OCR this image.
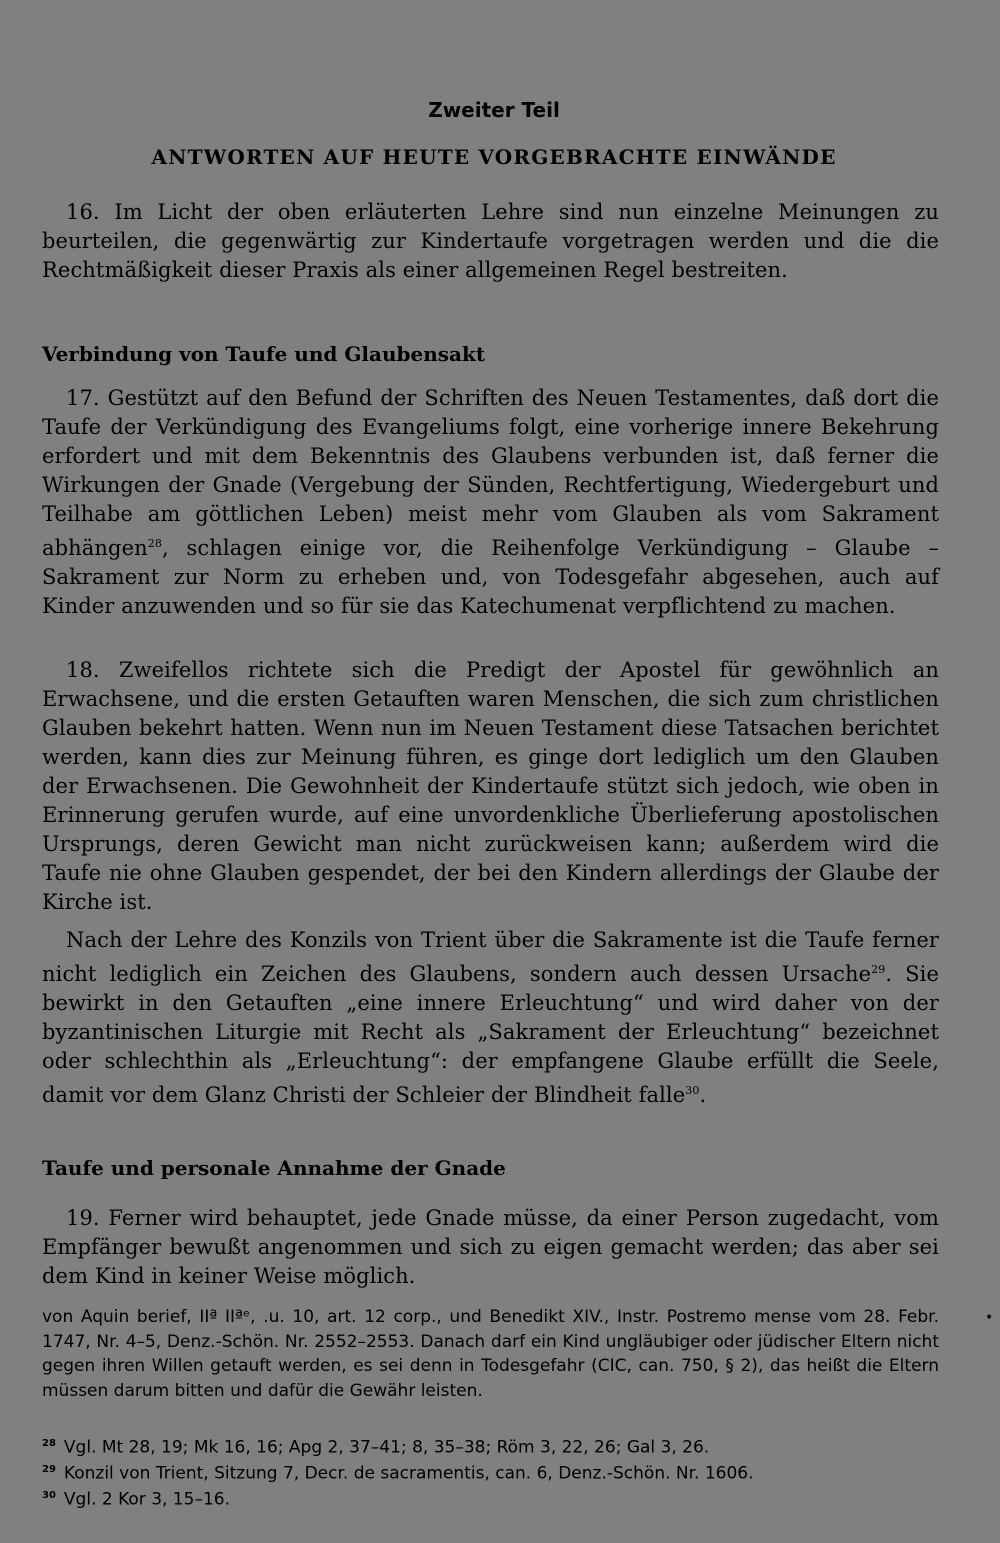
Zweiter Teil
ANTWORTEN AUF HEUTE VORGEBRACHTE EINWÄNDE
16. Im Licht der oben erläuterten Lehre sind nun einzelne Meinungen zu beurteilen, die gegenwärtig zur Kindertaufe vorgetragen werden und die die Rechtmäßigkeit dieser Praxis als einer allgemeinen Regel bestreiten.
Verbindung von Taufe und Glaubensakt
17. Gestützt auf den Befund der Schriften des Neuen Testamentes, daß dort die Taufe der Verkündigung des Evangeliums folgt, eine vorherige innere Bekehrung erfordert und mit dem Bekenntnis des Glaubens verbunden ist, daß ferner die Wirkungen der Gnade (Vergebung der Sünden, Rechtfertigung, Wiedergeburt und Teilhabe am göttlichen Leben) meist mehr vom Glauben als vom Sakrament abhängen$^{28}$, schlagen einige vor, die Reihenfolge Verkündigung – Glaube – Sakrament zur Norm zu erheben und, von Todesgefahr abgesehen, auch auf Kinder anzuwenden und so für sie das Katechumenat verpflichtend zu machen.
18. Zweifellos richtete sich die Predigt der Apostel für gewöhnlich an Erwachsene, und die ersten Getauften waren Menschen, die sich zum christlichen Glauben bekehrt hatten. Wenn nun im Neuen Testament diese Tatsachen berichtet werden, kann dies zur Meinung führen, es ginge dort lediglich um den Glauben der Erwachsenen. Die Gewohnheit der Kindertaufe stützt sich jedoch, wie oben in Erinnerung gerufen wurde, auf eine unvordenkliche Überlieferung apostolischen Ursprungs, deren Gewicht man nicht zurückweisen kann; außerdem wird die Taufe nie ohne Glauben gespendet, der bei den Kindern allerdings der Glaube der Kirche ist.
Nach der Lehre des Konzils von Trient über die Sakramente ist die Taufe ferner nicht lediglich ein Zeichen des Glaubens, sondern auch dessen Ursache$^{29}$. Sie bewirkt in den Getauften „eine innere Erleuchtung“ und wird daher von der byzantinischen Liturgie mit Recht als „Sakrament der Erleuchtung“ bezeichnet oder schlechthin als „Erleuchtung“: der empfangene Glaube erfüllt die Seele, damit vor dem Glanz Christi der Schleier der Blindheit falle$^{30}$.
Taufe und personale Annahme der Gnade
19. Ferner wird behauptet, jede Gnade müsse, da einer Person zugedacht, vom Empfänger bewußt angenommen und sich zu eigen gemacht werden; das aber sei dem Kind in keiner Weise möglich.
von Aquin berief, IIª IIªᵉ, .u. 10, art. 12 corp., und Benedikt XIV., Instr. Postremo mense vom 28. Febr. 1747, Nr. 4–5, Denz.-Schön. Nr. 2552–2553. Danach darf ein Kind ungläubiger oder jüdischer Eltern nicht gegen ihren Willen getauft werden, es sei denn in Todesgefahr (CIC, can. 750, § 2), das heißt die Eltern müssen darum bitten und dafür die Gewähr leisten.
$^{28}$ Vgl. Mt 28, 19; Mk 16, 16; Apg 2, 37–41; 8, 35–38; Röm 3, 22, 26; Gal 3, 26.
$^{29}$ Konzil von Trient, Sitzung 7, Decr. de sacramentis, can. 6, Denz.-Schön. Nr. 1606.
$^{30}$ Vgl. 2 Kor 3, 15–16.
•
